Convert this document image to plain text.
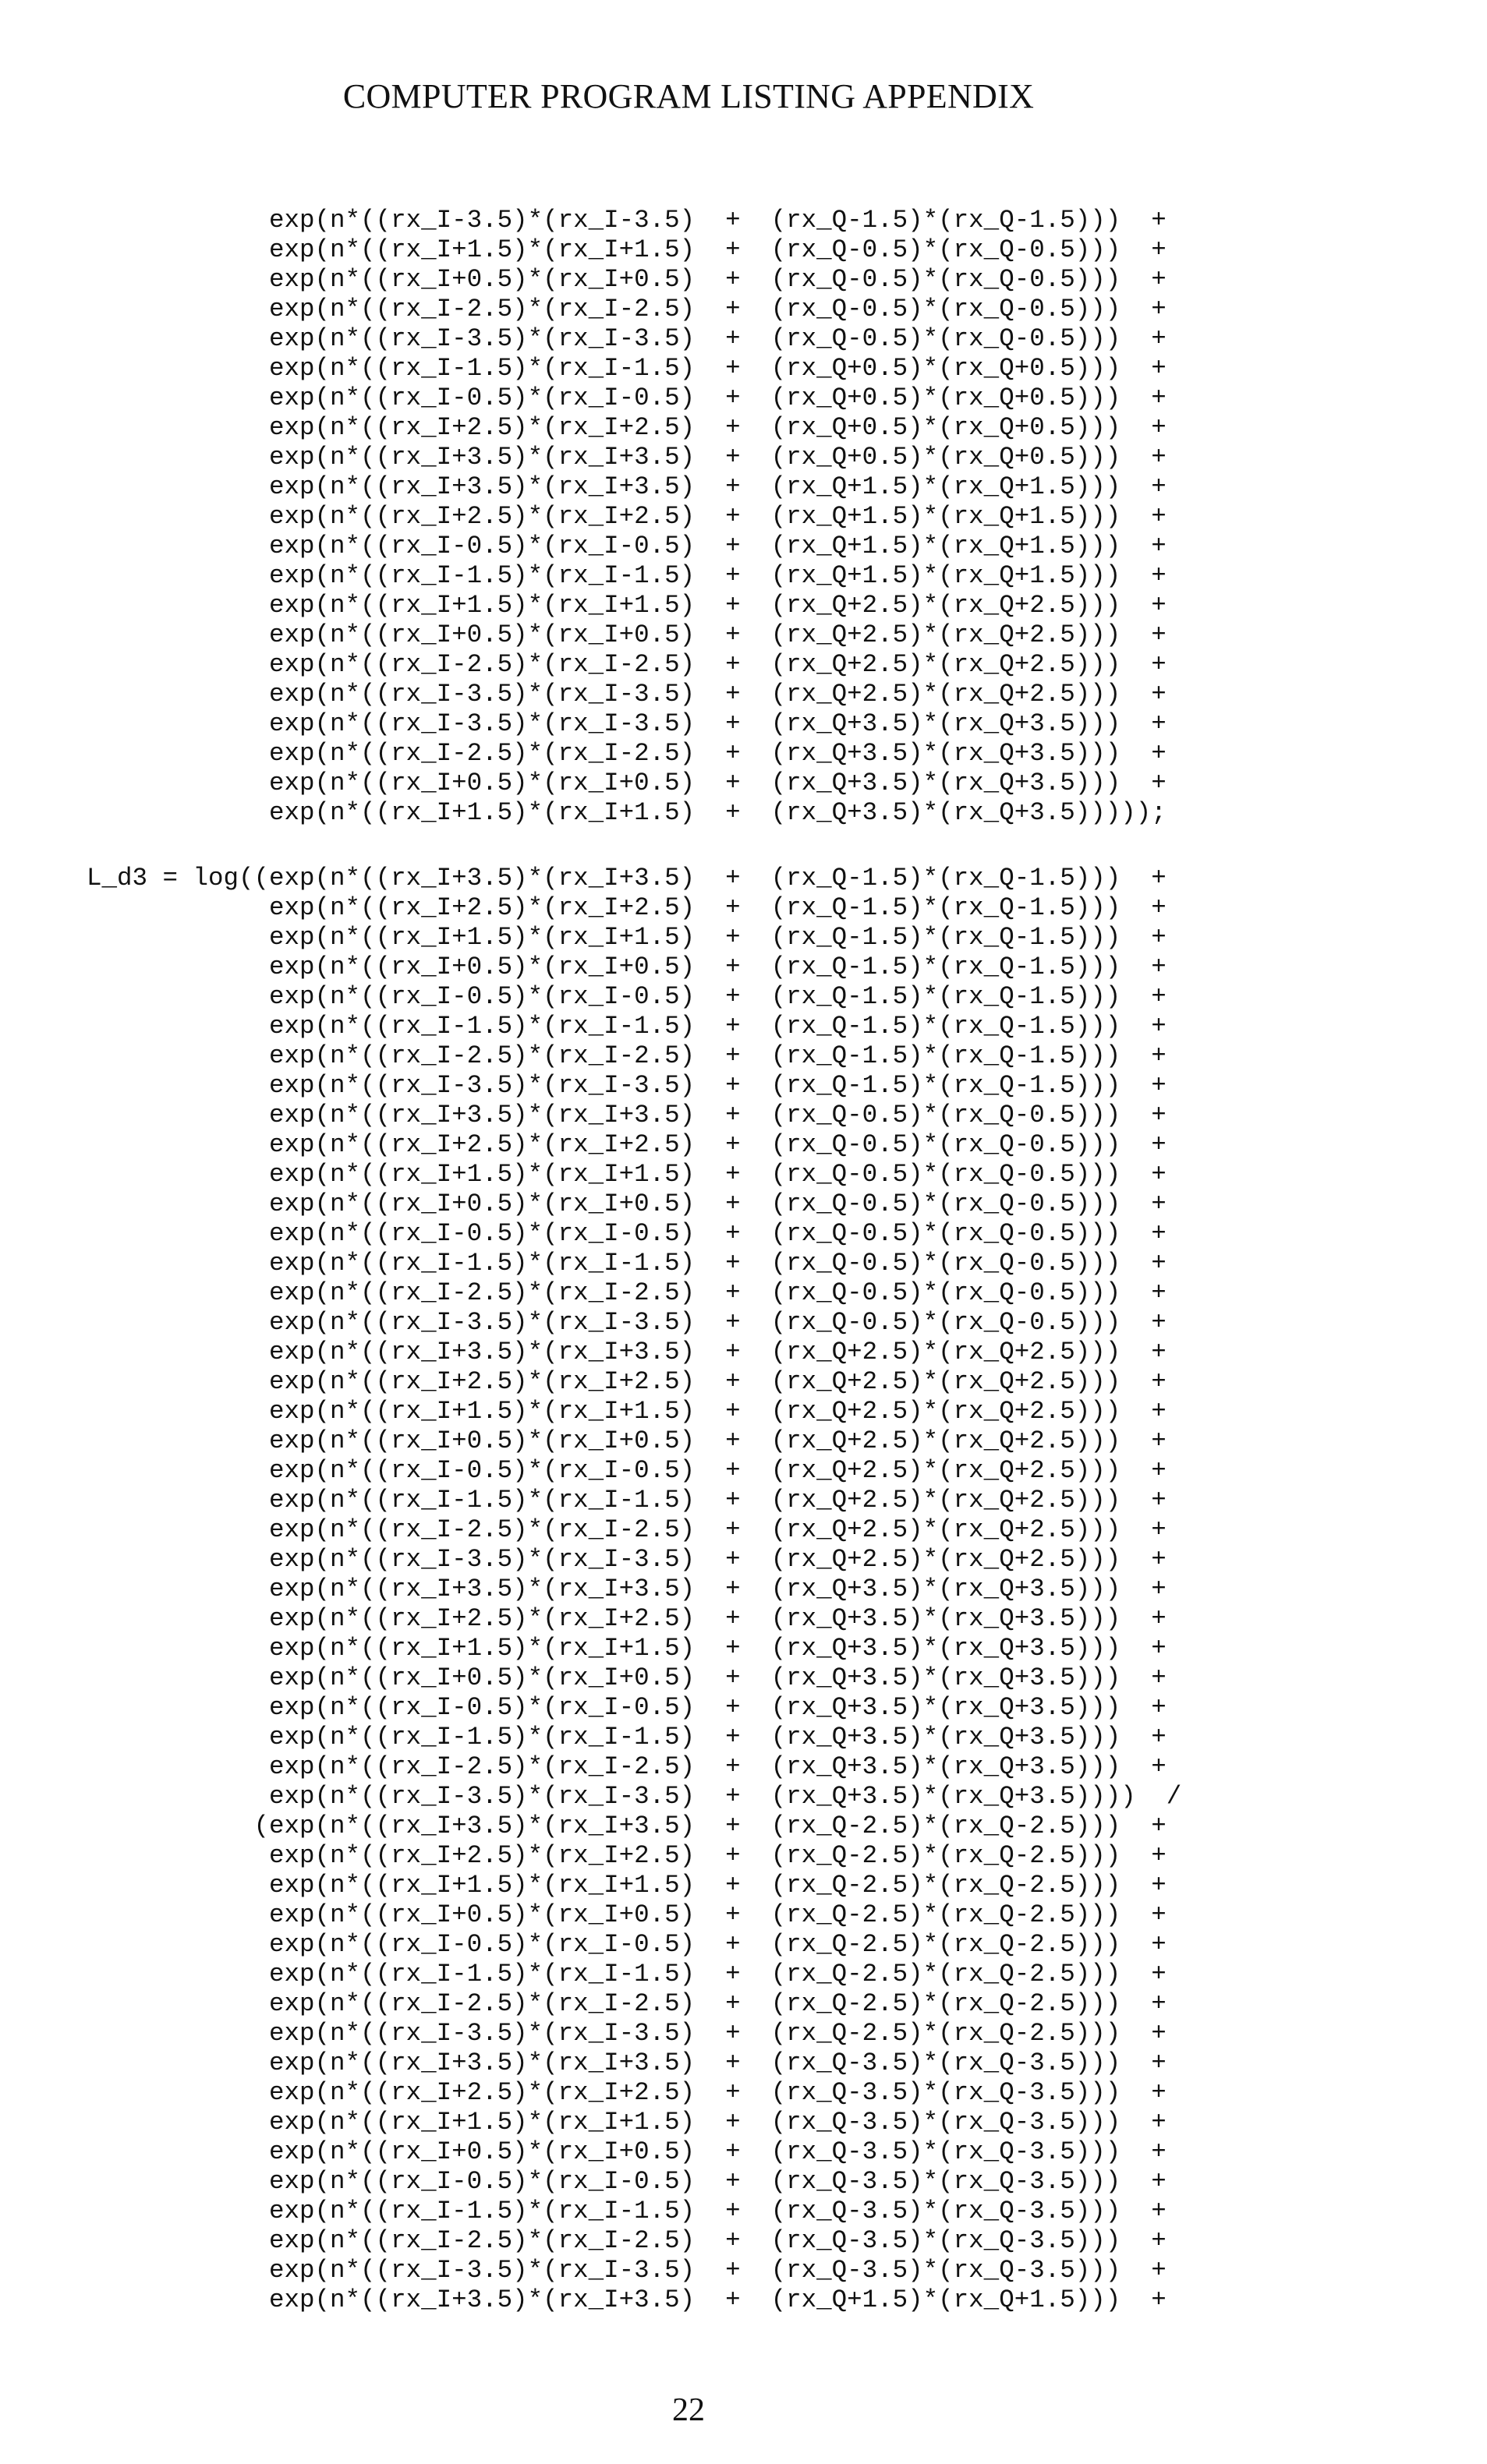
COMPUTER PROGRAM LISTING APPENDIX
exp(n*((rx_I-3.5)*(rx_I-3.5)  +  (rx_Q-1.5)*(rx_Q-1.5)))  +
exp(n*((rx_I+1.5)*(rx_I+1.5)  +  (rx_Q-0.5)*(rx_Q-0.5)))  +
exp(n*((rx_I+0.5)*(rx_I+0.5)  +  (rx_Q-0.5)*(rx_Q-0.5)))  +
exp(n*((rx_I-2.5)*(rx_I-2.5)  +  (rx_Q-0.5)*(rx_Q-0.5)))  +
exp(n*((rx_I-3.5)*(rx_I-3.5)  +  (rx_Q-0.5)*(rx_Q-0.5)))  +
exp(n*((rx_I-1.5)*(rx_I-1.5)  +  (rx_Q+0.5)*(rx_Q+0.5)))  +
exp(n*((rx_I-0.5)*(rx_I-0.5)  +  (rx_Q+0.5)*(rx_Q+0.5)))  +
exp(n*((rx_I+2.5)*(rx_I+2.5)  +  (rx_Q+0.5)*(rx_Q+0.5)))  +
exp(n*((rx_I+3.5)*(rx_I+3.5)  +  (rx_Q+0.5)*(rx_Q+0.5)))  +
exp(n*((rx_I+3.5)*(rx_I+3.5)  +  (rx_Q+1.5)*(rx_Q+1.5)))  +
exp(n*((rx_I+2.5)*(rx_I+2.5)  +  (rx_Q+1.5)*(rx_Q+1.5)))  +
exp(n*((rx_I-0.5)*(rx_I-0.5)  +  (rx_Q+1.5)*(rx_Q+1.5)))  +
exp(n*((rx_I-1.5)*(rx_I-1.5)  +  (rx_Q+1.5)*(rx_Q+1.5)))  +
exp(n*((rx_I+1.5)*(rx_I+1.5)  +  (rx_Q+2.5)*(rx_Q+2.5)))  +
exp(n*((rx_I+0.5)*(rx_I+0.5)  +  (rx_Q+2.5)*(rx_Q+2.5)))  +
exp(n*((rx_I-2.5)*(rx_I-2.5)  +  (rx_Q+2.5)*(rx_Q+2.5)))  +
exp(n*((rx_I-3.5)*(rx_I-3.5)  +  (rx_Q+2.5)*(rx_Q+2.5)))  +
exp(n*((rx_I-3.5)*(rx_I-3.5)  +  (rx_Q+3.5)*(rx_Q+3.5)))  +
exp(n*((rx_I-2.5)*(rx_I-2.5)  +  (rx_Q+3.5)*(rx_Q+3.5)))  +
exp(n*((rx_I+0.5)*(rx_I+0.5)  +  (rx_Q+3.5)*(rx_Q+3.5)))  +
exp(n*((rx_I+1.5)*(rx_I+1.5)  +  (rx_Q+3.5)*(rx_Q+3.5)))));
L_d3 = log((exp(n*((rx_I+3.5)*(rx_I+3.5)  +  (rx_Q-1.5)*(rx_Q-1.5)))  +
exp(n*((rx_I+2.5)*(rx_I+2.5)  +  (rx_Q-1.5)*(rx_Q-1.5)))  +
exp(n*((rx_I+1.5)*(rx_I+1.5)  +  (rx_Q-1.5)*(rx_Q-1.5)))  +
exp(n*((rx_I+0.5)*(rx_I+0.5)  +  (rx_Q-1.5)*(rx_Q-1.5)))  +
exp(n*((rx_I-0.5)*(rx_I-0.5)  +  (rx_Q-1.5)*(rx_Q-1.5)))  +
exp(n*((rx_I-1.5)*(rx_I-1.5)  +  (rx_Q-1.5)*(rx_Q-1.5)))  +
exp(n*((rx_I-2.5)*(rx_I-2.5)  +  (rx_Q-1.5)*(rx_Q-1.5)))  +
exp(n*((rx_I-3.5)*(rx_I-3.5)  +  (rx_Q-1.5)*(rx_Q-1.5)))  +
exp(n*((rx_I+3.5)*(rx_I+3.5)  +  (rx_Q-0.5)*(rx_Q-0.5)))  +
exp(n*((rx_I+2.5)*(rx_I+2.5)  +  (rx_Q-0.5)*(rx_Q-0.5)))  +
exp(n*((rx_I+1.5)*(rx_I+1.5)  +  (rx_Q-0.5)*(rx_Q-0.5)))  +
exp(n*((rx_I+0.5)*(rx_I+0.5)  +  (rx_Q-0.5)*(rx_Q-0.5)))  +
exp(n*((rx_I-0.5)*(rx_I-0.5)  +  (rx_Q-0.5)*(rx_Q-0.5)))  +
exp(n*((rx_I-1.5)*(rx_I-1.5)  +  (rx_Q-0.5)*(rx_Q-0.5)))  +
exp(n*((rx_I-2.5)*(rx_I-2.5)  +  (rx_Q-0.5)*(rx_Q-0.5)))  +
exp(n*((rx_I-3.5)*(rx_I-3.5)  +  (rx_Q-0.5)*(rx_Q-0.5)))  +
exp(n*((rx_I+3.5)*(rx_I+3.5)  +  (rx_Q+2.5)*(rx_Q+2.5)))  +
exp(n*((rx_I+2.5)*(rx_I+2.5)  +  (rx_Q+2.5)*(rx_Q+2.5)))  +
exp(n*((rx_I+1.5)*(rx_I+1.5)  +  (rx_Q+2.5)*(rx_Q+2.5)))  +
exp(n*((rx_I+0.5)*(rx_I+0.5)  +  (rx_Q+2.5)*(rx_Q+2.5)))  +
exp(n*((rx_I-0.5)*(rx_I-0.5)  +  (rx_Q+2.5)*(rx_Q+2.5)))  +
exp(n*((rx_I-1.5)*(rx_I-1.5)  +  (rx_Q+2.5)*(rx_Q+2.5)))  +
exp(n*((rx_I-2.5)*(rx_I-2.5)  +  (rx_Q+2.5)*(rx_Q+2.5)))  +
exp(n*((rx_I-3.5)*(rx_I-3.5)  +  (rx_Q+2.5)*(rx_Q+2.5)))  +
exp(n*((rx_I+3.5)*(rx_I+3.5)  +  (rx_Q+3.5)*(rx_Q+3.5)))  +
exp(n*((rx_I+2.5)*(rx_I+2.5)  +  (rx_Q+3.5)*(rx_Q+3.5)))  +
exp(n*((rx_I+1.5)*(rx_I+1.5)  +  (rx_Q+3.5)*(rx_Q+3.5)))  +
exp(n*((rx_I+0.5)*(rx_I+0.5)  +  (rx_Q+3.5)*(rx_Q+3.5)))  +
exp(n*((rx_I-0.5)*(rx_I-0.5)  +  (rx_Q+3.5)*(rx_Q+3.5)))  +
exp(n*((rx_I-1.5)*(rx_I-1.5)  +  (rx_Q+3.5)*(rx_Q+3.5)))  +
exp(n*((rx_I-2.5)*(rx_I-2.5)  +  (rx_Q+3.5)*(rx_Q+3.5)))  +
exp(n*((rx_I-3.5)*(rx_I-3.5)  +  (rx_Q+3.5)*(rx_Q+3.5))))  /
(exp(n*((rx_I+3.5)*(rx_I+3.5)  +  (rx_Q-2.5)*(rx_Q-2.5)))  +
exp(n*((rx_I+2.5)*(rx_I+2.5)  +  (rx_Q-2.5)*(rx_Q-2.5)))  +
exp(n*((rx_I+1.5)*(rx_I+1.5)  +  (rx_Q-2.5)*(rx_Q-2.5)))  +
exp(n*((rx_I+0.5)*(rx_I+0.5)  +  (rx_Q-2.5)*(rx_Q-2.5)))  +
exp(n*((rx_I-0.5)*(rx_I-0.5)  +  (rx_Q-2.5)*(rx_Q-2.5)))  +
exp(n*((rx_I-1.5)*(rx_I-1.5)  +  (rx_Q-2.5)*(rx_Q-2.5)))  +
exp(n*((rx_I-2.5)*(rx_I-2.5)  +  (rx_Q-2.5)*(rx_Q-2.5)))  +
exp(n*((rx_I-3.5)*(rx_I-3.5)  +  (rx_Q-2.5)*(rx_Q-2.5)))  +
exp(n*((rx_I+3.5)*(rx_I+3.5)  +  (rx_Q-3.5)*(rx_Q-3.5)))  +
exp(n*((rx_I+2.5)*(rx_I+2.5)  +  (rx_Q-3.5)*(rx_Q-3.5)))  +
exp(n*((rx_I+1.5)*(rx_I+1.5)  +  (rx_Q-3.5)*(rx_Q-3.5)))  +
exp(n*((rx_I+0.5)*(rx_I+0.5)  +  (rx_Q-3.5)*(rx_Q-3.5)))  +
exp(n*((rx_I-0.5)*(rx_I-0.5)  +  (rx_Q-3.5)*(rx_Q-3.5)))  +
exp(n*((rx_I-1.5)*(rx_I-1.5)  +  (rx_Q-3.5)*(rx_Q-3.5)))  +
exp(n*((rx_I-2.5)*(rx_I-2.5)  +  (rx_Q-3.5)*(rx_Q-3.5)))  +
exp(n*((rx_I-3.5)*(rx_I-3.5)  +  (rx_Q-3.5)*(rx_Q-3.5)))  +
exp(n*((rx_I+3.5)*(rx_I+3.5)  +  (rx_Q+1.5)*(rx_Q+1.5)))  +
22
